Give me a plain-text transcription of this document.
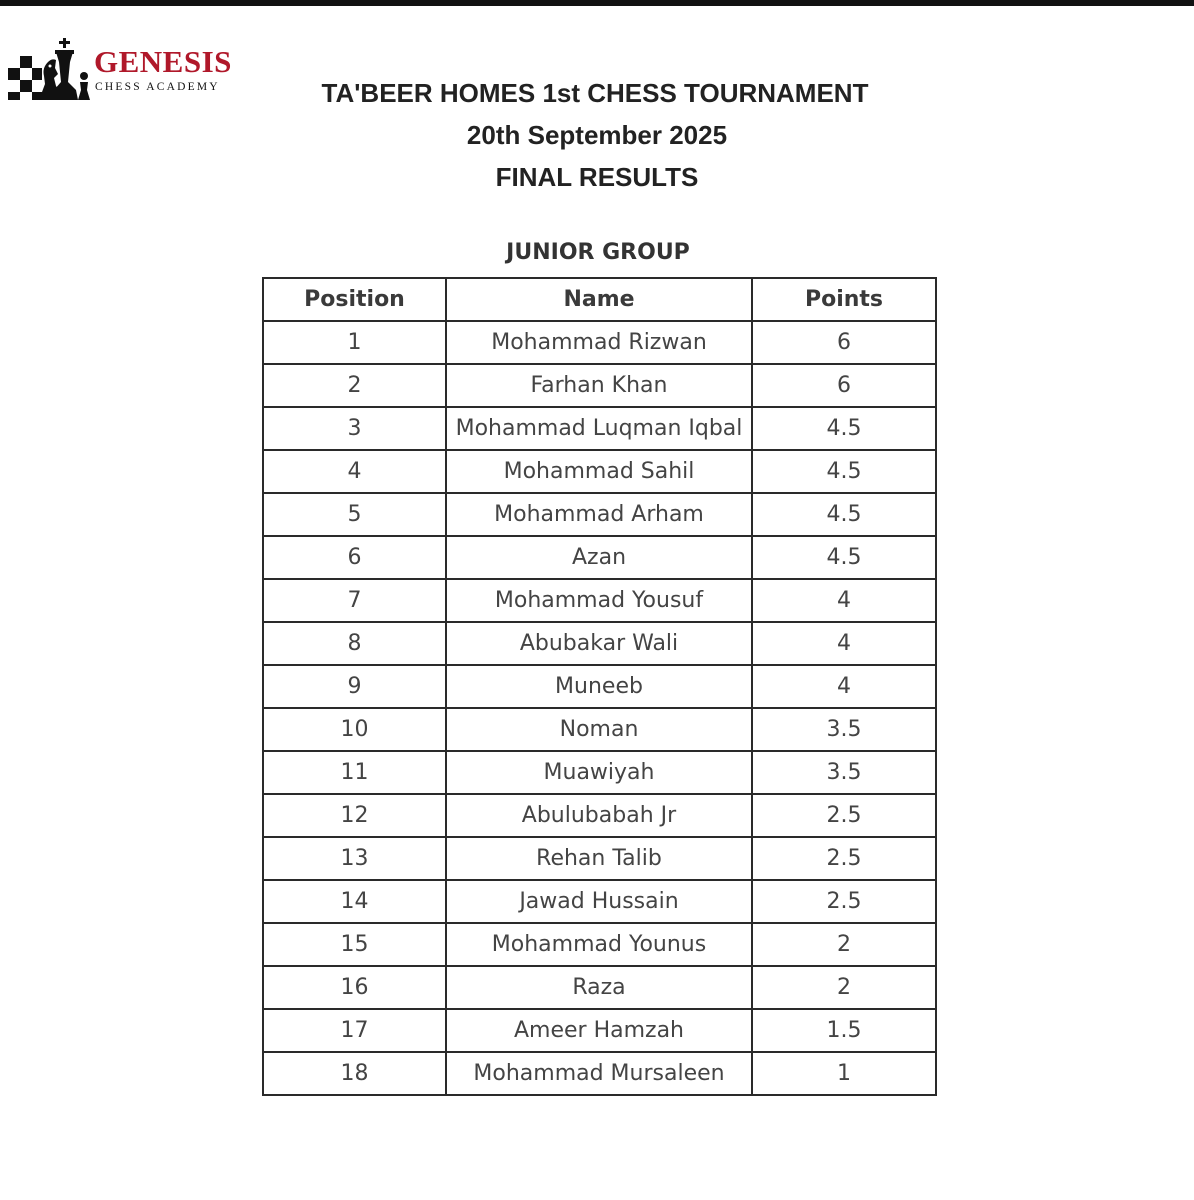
GENESIS
CHESS ACADEMY	TA'BEER HOMES 1st CHESS TOURNAMENT
20th September 2025
FINAL RESULTS
JUNIOR GROUP
Position	Name	Points
1	Mohammad Rizwan	6
2	Farhan Khan	6
3	Mohammad Luqman Iqbal	4.5
4	Mohammad Sahil	4.5
5	Mohammad Arham	4.5
6	Azan	4.5
7	Mohammad Yousuf	4
8	Abubakar Wali	4
9	Muneeb	4
10	Noman	3.5
11	Muawiyah	3.5
12	Abulubabah Jr	2.5
13	Rehan Talib	2.5
14	Jawad Hussain	2.5
15	Mohammad Younus	2
16	Raza	2
17	Ameer Hamzah	1.5
18	Mohammad Mursaleen	1
